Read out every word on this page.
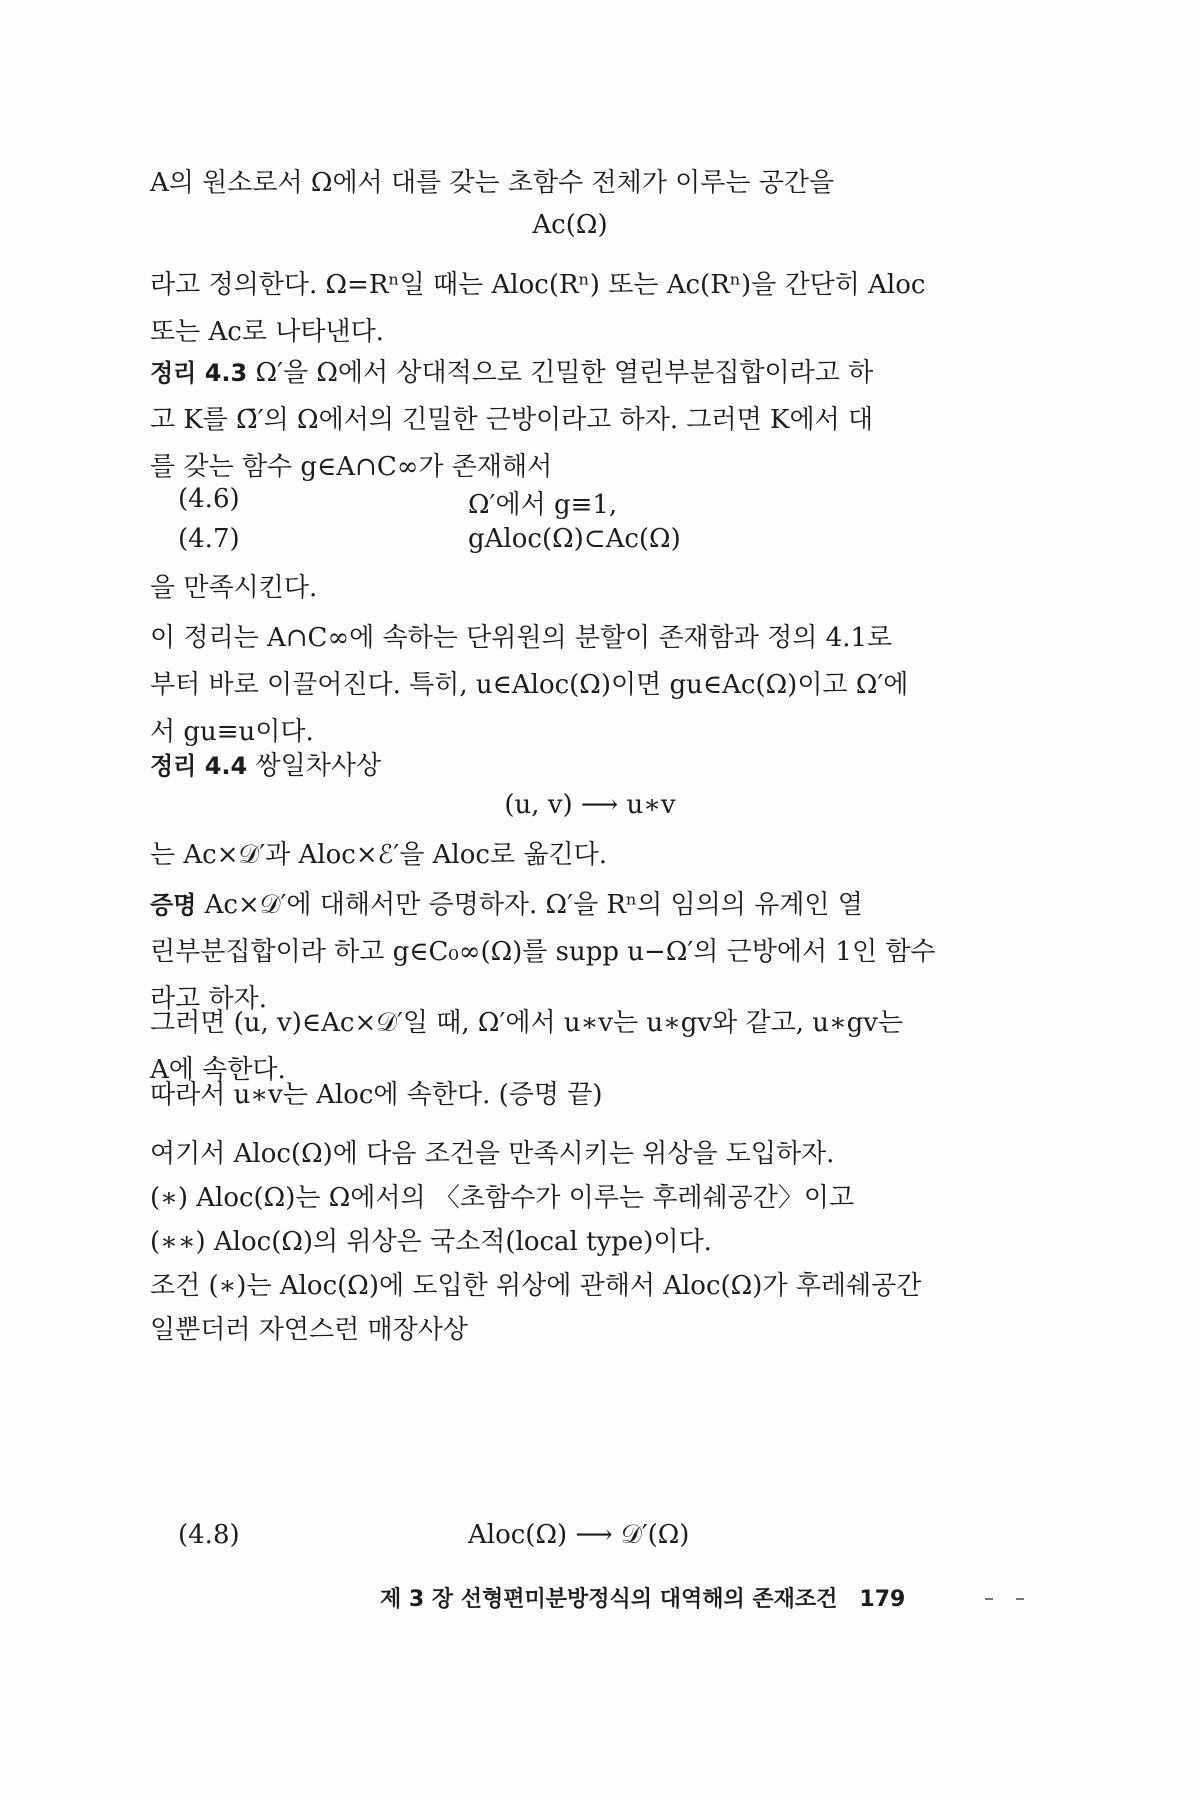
A의 원소로서 Ω에서 대를 갖는 초함수 전체가 이루는 공간을

Ac(Ω)

라고 정의한다. Ω=Rⁿ일 때는 Aloc(Rⁿ) 또는 Ac(Rⁿ)을 간단히 Aloc
또는 Ac로 나타낸다.

정리 4.3 Ω′을 Ω에서 상대적으로 긴밀한 열린부분집합이라고 하
고 K를 Ω̄′의 Ω에서의 긴밀한 근방이라고 하자. 그러면 K에서 대
를 갖는 함수 g∈A∩C∞가 존재해서

(4.6)	Ω′에서 g≡1,
(4.7)	gAloc(Ω)⊂Ac(Ω)

을 만족시킨다.

이 정리는 A∩C∞에 속하는 단위원의 분할이 존재함과 정의 4.1로
부터 바로 이끌어진다. 특히, u∈Aloc(Ω)이면 gu∈Ac(Ω)이고 Ω′에
서 gu≡u이다.

정리 4.4 쌍일차사상

(u, v) ⟶ u∗v

는 Ac×𝒟′과 Aloc×ℰ′을 Aloc로 옮긴다.

증명 Ac×𝒟′에 대해서만 증명하자. Ω′을 Rⁿ의 임의의 유계인 열
린부분집합이라 하고 g∈C₀∞(Ω)를 supp u−Ω′의 근방에서 1인 함수
라고 하자.

그러면 (u, v)∈Ac×𝒟′일 때, Ω′에서 u∗v는 u∗gv와 같고, u∗gv는
A에 속한다.

따라서 u∗v는 Aloc에 속한다. (증명 끝)

여기서 Aloc(Ω)에 다음 조건을 만족시키는 위상을 도입하자.
(∗) Aloc(Ω)는 Ω에서의 〈초함수가 이루는 후레쉐공간〉이고
(∗∗) Aloc(Ω)의 위상은 국소적(local type)이다.
조건 (∗)는 Aloc(Ω)에 도입한 위상에 관해서 Aloc(Ω)가 후레쉐공간
일뿐더러 자연스런 매장사상

(4.8)	Aloc(Ω) ⟶ 𝒟′(Ω)
제 3 장 선형편미분방정식의 대역해의 존재조건 179
